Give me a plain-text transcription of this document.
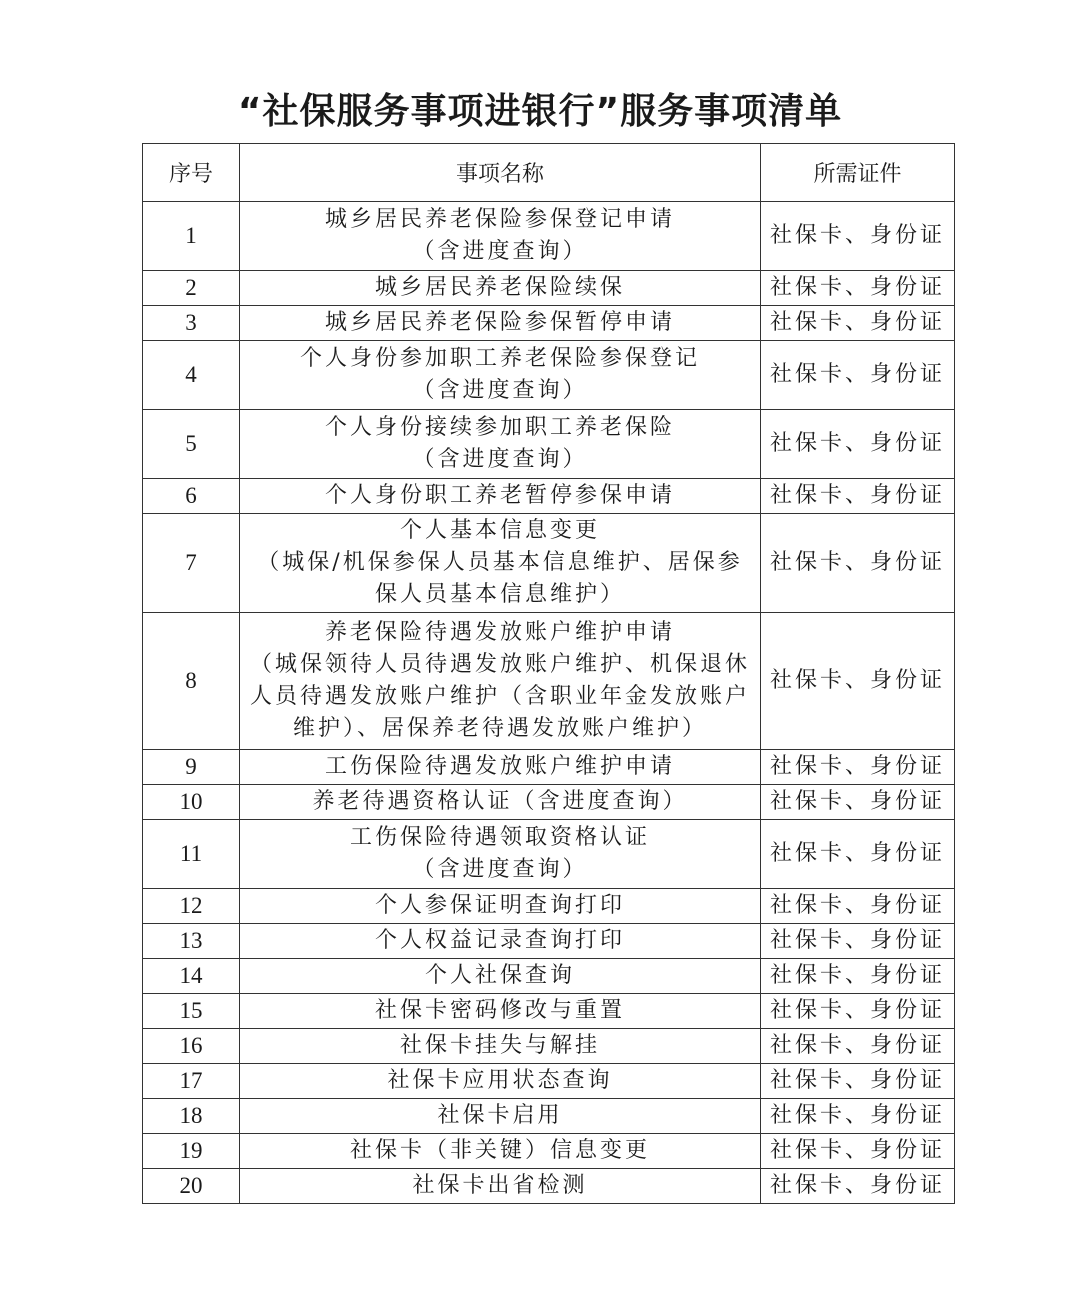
“社保服务事项进银行”服务事项清单
序号	事项名称	所需证件
1	城乡居民养老保险参保登记申请
（含进度查询）	社保卡、身份证
2	城乡居民养老保险续保	社保卡、身份证
3	城乡居民养老保险参保暂停申请	社保卡、身份证
4	个人身份参加职工养老保险参保登记
（含进度查询）	社保卡、身份证
5	个人身份接续参加职工养老保险
（含进度查询）	社保卡、身份证
6	个人身份职工养老暂停参保申请	社保卡、身份证
7	个人基本信息变更
（城保/机保参保人员基本信息维护、居保参
保人员基本信息维护）	社保卡、身份证
8	养老保险待遇发放账户维护申请
（城保领待人员待遇发放账户维护、机保退休
人员待遇发放账户维护（含职业年金发放账户
维护）、居保养老待遇发放账户维护）	社保卡、身份证
9	工伤保险待遇发放账户维护申请	社保卡、身份证
10	养老待遇资格认证（含进度查询）	社保卡、身份证
11	工伤保险待遇领取资格认证
（含进度查询）	社保卡、身份证
12	个人参保证明查询打印	社保卡、身份证
13	个人权益记录查询打印	社保卡、身份证
14	个人社保查询	社保卡、身份证
15	社保卡密码修改与重置	社保卡、身份证
16	社保卡挂失与解挂	社保卡、身份证
17	社保卡应用状态查询	社保卡、身份证
18	社保卡启用	社保卡、身份证
19	社保卡（非关键）信息变更	社保卡、身份证
20	社保卡出省检测	社保卡、身份证
